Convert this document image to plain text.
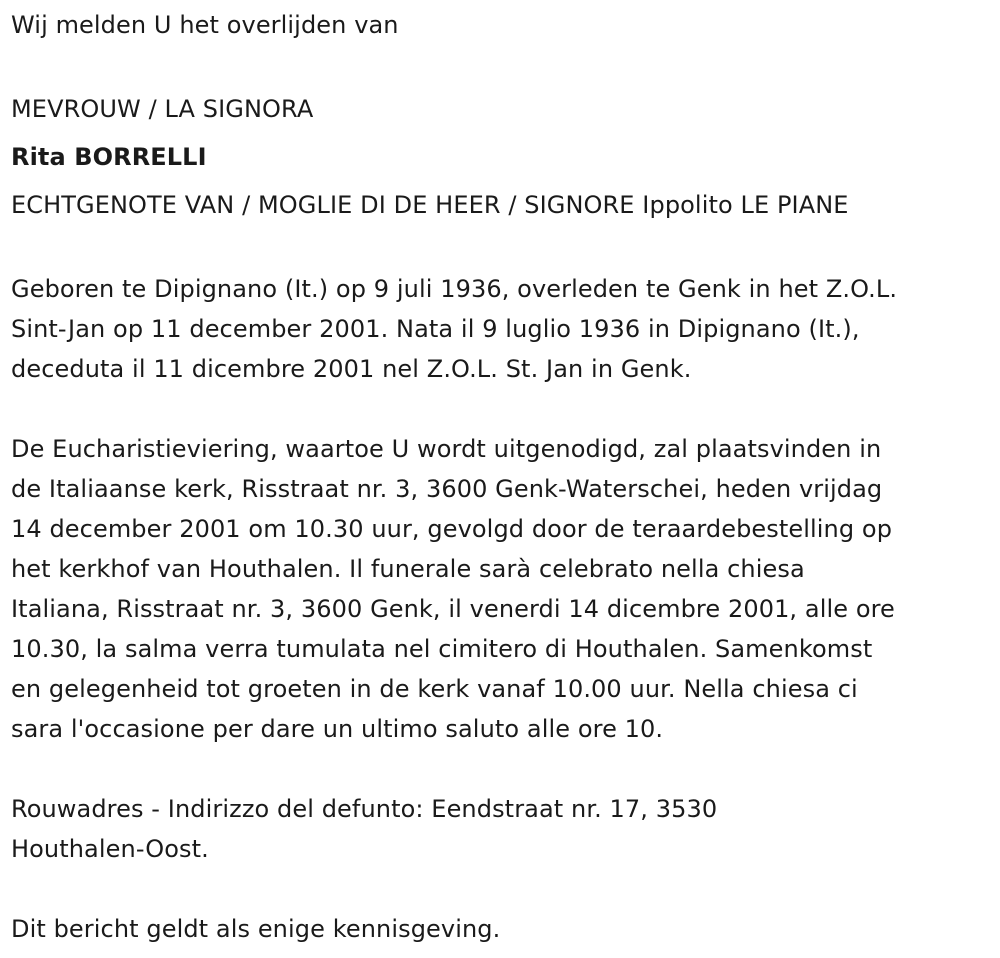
Wij melden U het overlijden van

MEVROUW / LA SIGNORA

Rita BORRELLI

ECHTGENOTE VAN / MOGLIE DI DE HEER / SIGNORE Ippolito LE PIANE

Geboren te Dipignano (It.) op 9 juli 1936, overleden te Genk in het Z.O.L.

Sint-Jan op 11 december 2001. Nata il 9 luglio 1936 in Dipignano (It.),

deceduta il 11 dicembre 2001 nel Z.O.L. St. Jan in Genk.

De Eucharistieviering, waartoe U wordt uitgenodigd, zal plaatsvinden in

de Italiaanse kerk, Risstraat nr. 3, 3600 Genk-Waterschei, heden vrijdag

14 december 2001 om 10.30 uur, gevolgd door de teraardebestelling op

het kerkhof van Houthalen. Il funerale sarà celebrato nella chiesa

Italiana, Risstraat nr. 3, 3600 Genk, il venerdi 14 dicembre 2001, alle ore

10.30, la salma verra tumulata nel cimitero di Houthalen. Samenkomst

en gelegenheid tot groeten in de kerk vanaf 10.00 uur. Nella chiesa ci

sara l'occasione per dare un ultimo saluto alle ore 10.

Rouwadres - Indirizzo del defunto: Eendstraat nr. 17, 3530

Houthalen-Oost.

Dit bericht geldt als enige kennisgeving.
